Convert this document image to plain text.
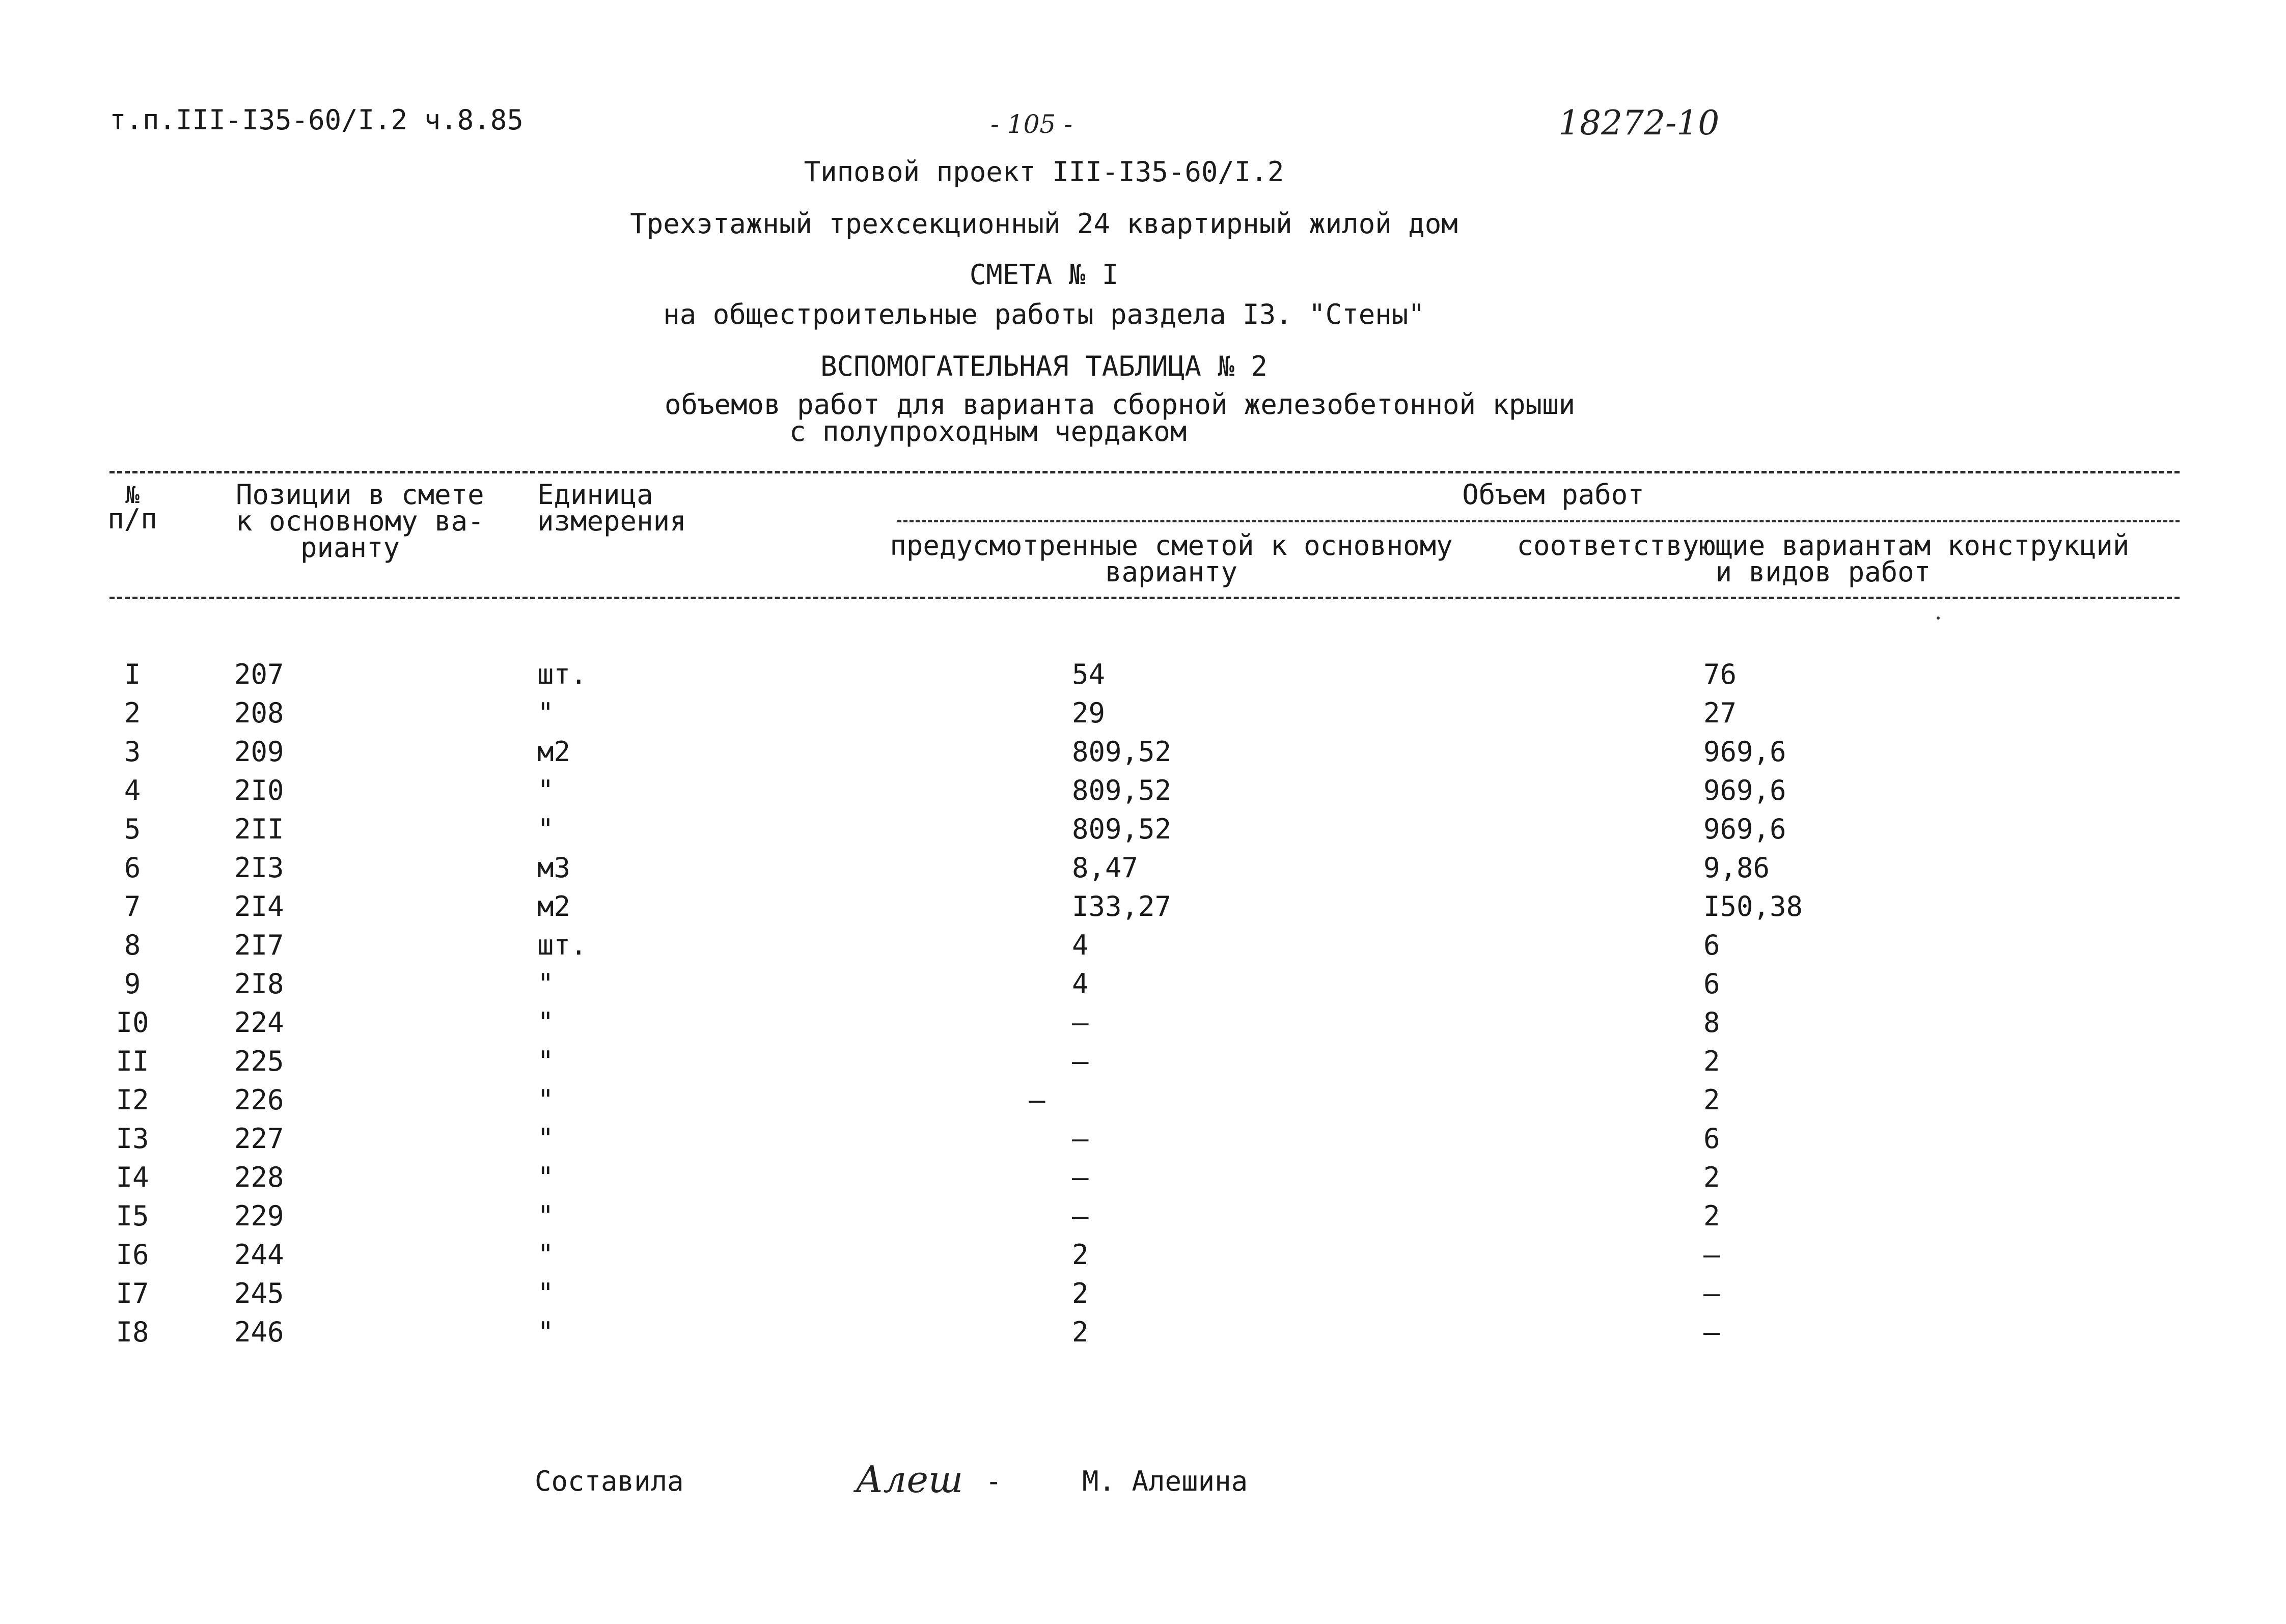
т.п.III-I35-60/I.2 ч.8.85	- 105 -	18272-10
Типовой проект III-I35-60/I.2
Трехэтажный трехсекционный 24 квартирный жилой дом
СМЕТА № I
на общестроительные работы раздела I3. "Стены"
ВСПОМОГАТЕЛЬНАЯ ТАБЛИЦА № 2
объемов работ для варианта сборной железобетонной крыши
с полупроходным чердаком
№
п/п
Позиции в смете
к основному ва-
рианту
Единица
измерения
Объем работ
предусмотренные сметой к основному
варианту
соответствующие вариантам конструкций
и видов работ
I	207	шт.	54	76
2	208	"	29	27
3	209	м2	809,52	969,6
4	2I0	"	809,52	969,6
5	2II	"	809,52	969,6
6	2I3	м3	8,47	9,86
7	2I4	м2	I33,27	I50,38
8	2I7	шт.	4	6
9	2I8	"	4	6
I0	224	"	–	8
II	225	"	–	2
I2	226	"	–	2
I3	227	"	–	6
I4	228	"	–	2
I5	229	"	–	2
I6	244	"	2	–
I7	245	"	2	–
I8	246	"	2	–
Составила	Алеш -	М. Алешина
